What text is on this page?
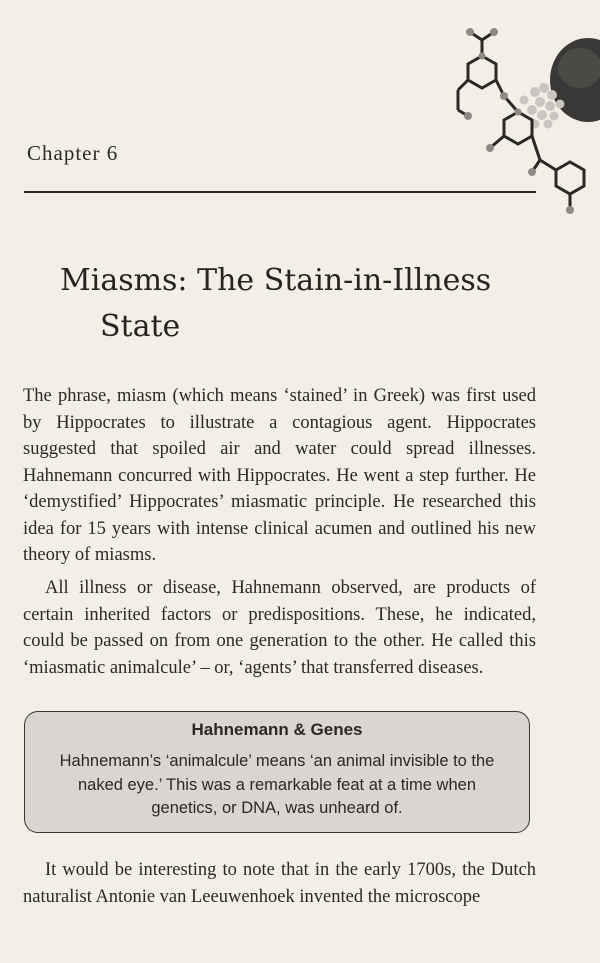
Chapter 6
Miasms: The Stain-in-Illness
State

The phrase, miasm (which means ‘stained’ in Greek) was first used by Hippocrates to illustrate a contagious agent. Hippocrates suggested that spoiled air and water could spread illnesses. Hahnemann concurred with Hippocrates. He went a step further. He ‘demystified’ Hippocrates’ miasmatic principle. He researched this idea for 15 years with intense clinical acumen and outlined his new theory of miasms.

All illness or disease, Hahnemann observed, are products of certain inherited factors or predispositions. These, he indicated, could be passed on from one generation to the other. He called this ‘miasmatic animalcule’ – or, ‘agents’ that transferred diseases.

Hahnemann & Genes
Hahnemann’s ‘animalcule’ means ‘an animal invisible to the naked eye.’ This was a remarkable feat at a time when genetics, or DNA, was unheard of.

It would be interesting to note that in the early 1700s, the Dutch naturalist Antonie van Leeuwenhoek invented the microscope
